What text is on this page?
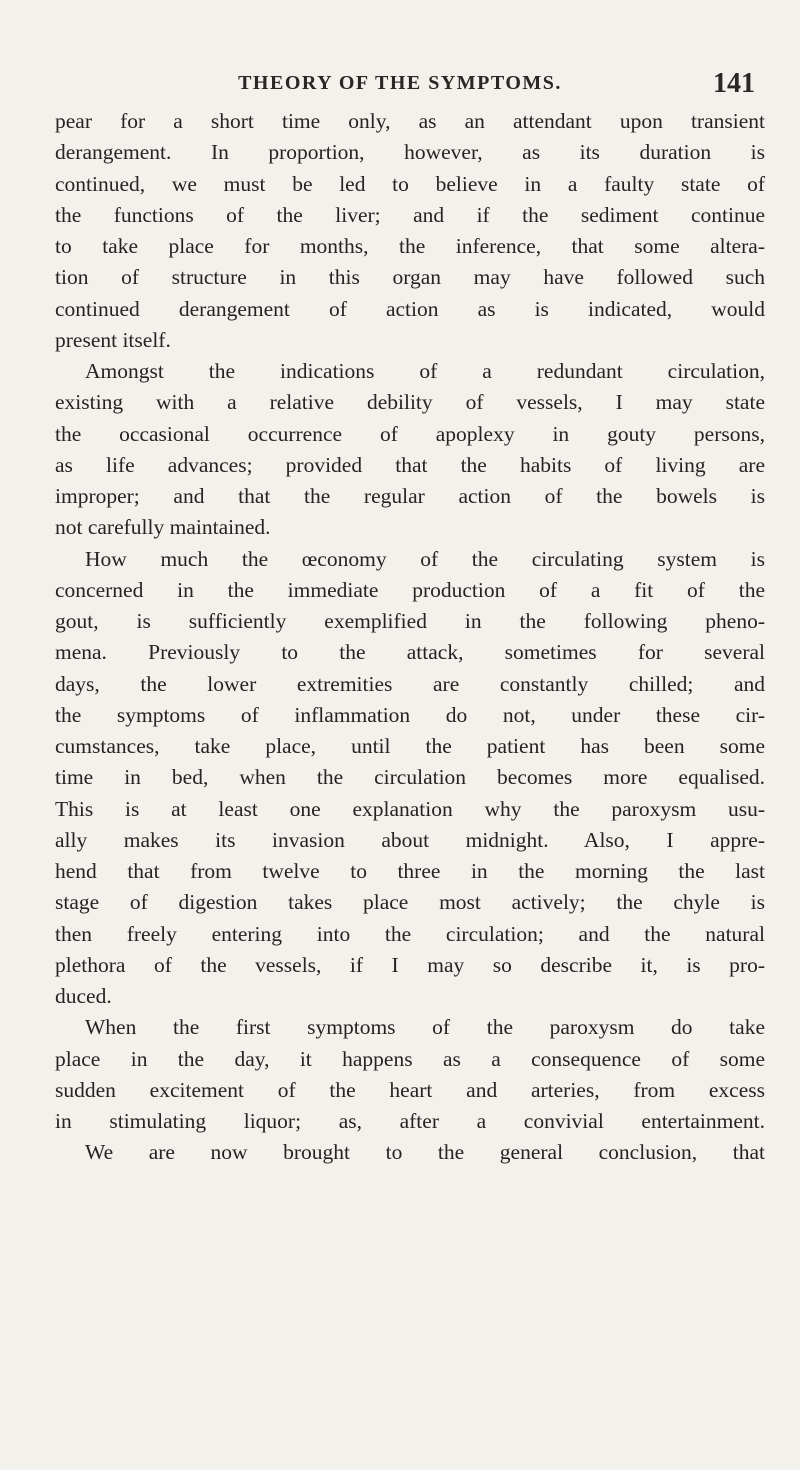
THEORY OF THE SYMPTOMS.	141
pear for a short time only, as an attendant upon transient
derangement. In proportion, however, as its duration is
continued, we must be led to believe in a faulty state of
the functions of the liver; and if the sediment continue
to take place for months, the inference, that some altera-
tion of structure in this organ may have followed such
continued derangement of action as is indicated, would
present itself.
Amongst the indications of a redundant circulation,
existing with a relative debility of vessels, I may state
the occasional occurrence of apoplexy in gouty persons,
as life advances; provided that the habits of living are
improper; and that the regular action of the bowels is
not carefully maintained.
How much the œconomy of the circulating system is
concerned in the immediate production of a fit of the
gout, is sufficiently exemplified in the following pheno-
mena. Previously to the attack, sometimes for several
days, the lower extremities are constantly chilled; and
the symptoms of inflammation do not, under these cir-
cumstances, take place, until the patient has been some
time in bed, when the circulation becomes more equalised.
This is at least one explanation why the paroxysm usu-
ally makes its invasion about midnight. Also, I appre-
hend that from twelve to three in the morning the last
stage of digestion takes place most actively; the chyle is
then freely entering into the circulation; and the natural
plethora of the vessels, if I may so describe it, is pro-
duced.
When the first symptoms of the paroxysm do take
place in the day, it happens as a consequence of some
sudden excitement of the heart and arteries, from excess
in stimulating liquor; as, after a convivial entertainment.
We are now brought to the general conclusion, that
